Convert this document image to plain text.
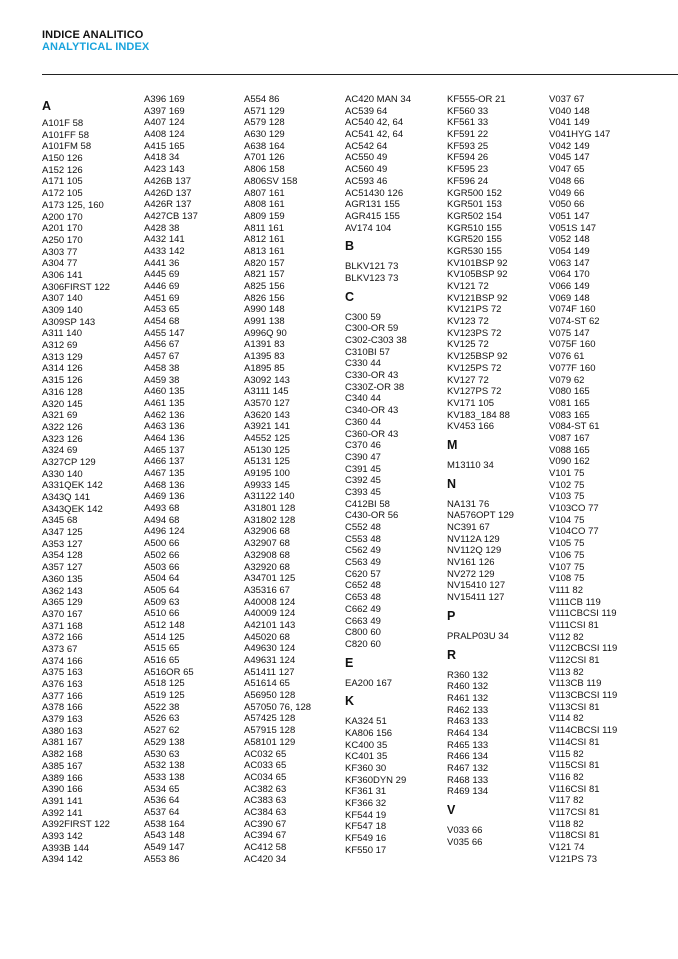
INDICE ANALITICO
ANALYTICAL INDEX
A
A101F 58
A101FF 58
A101FM 58
A150 126
A152 126
A171 105
A172 105
A173 125, 160
A200 170
A201 170
A250 170
A303 77
A304 77
A306 141
A306FIRST 122
A307 140
A309 140
A309SP 143
A311 140
A312 69
A313 129
A314 126
A315 126
A316 128
A320 145
A321 69
A322 126
A323 126
A324 69
A327CP 129
A330 140
A331QEK 142
A343Q 141
A343QEK 142
A345 68
A347 125
A353 127
A354 128
A357 127
A360 135
A362 143
A365 129
A370 167
A371 168
A372 166
A373 67
A374 166
A375 163
A376 163
A377 166
A378 166
A379 163
A380 163
A381 167
A382 168
A385 167
A389 166
A390 166
A391 141
A392 141
A392FIRST 122
A393 142
A393B 144
A394 142
A396 169
A397 169
A407 124
A408 124
A415 165
A418 34
A423 143
A426B 137
A426D 137
A426R 137
A427CB 137
A428 38
A432 141
A433 142
A441 36
A445 69
A446 69
A451 69
A453 65
A454 68
A455 147
A456 67
A457 67
A458 38
A459 38
A460 135
A461 135
A462 136
A463 136
A464 136
A465 137
A466 137
A467 135
A468 136
A469 136
A493 68
A494 68
A496 124
A500 66
A502 66
A503 66
A504 64
A505 64
A509 63
A510 66
A512 148
A514 125
A515 65
A516 65
A516OR 65
A518 125
A519 125
A522 38
A526 63
A527 62
A529 138
A530 63
A532 138
A533 138
A534 65
A536 64
A537 64
A538 164
A543 148
A549 147
A553 86
A554 86
A571 129
A579 128
A630 129
A638 164
A701 126
A806 158
A806SV 158
A807 161
A808 161
A809 159
A811 161
A812 161
A813 161
A820 157
A821 157
A825 156
A826 156
A990 148
A991 138
A996Q 90
A1391 83
A1395 83
A1895 85
A3092 143
A3111 145
A3570 127
A3620 143
A3921 141
A4552 125
A5130 125
A5131 125
A9195 100
A9933 145
A31122 140
A31801 128
A31802 128
A32906 68
A32907 68
A32908 68
A32920 68
A34701 125
A35316 67
A40008 124
A40009 124
A42101 143
A45020 68
A49630 124
A49631 124
A51411 127
A51614 65
A56950 128
A57050 76, 128
A57425 128
A57915 128
A58101 129
AC032 65
AC033 65
AC034 65
AC382 63
AC383 63
AC384 63
AC390 67
AC394 67
AC412 58
AC420 34
AC420 MAN 34
AC539 64
AC540 42, 64
AC541 42, 64
AC542 64
AC550 49
AC560 49
AC593 46
AC51430 126
AGR131 155
AGR415 155
AV174 104
B
BLKV121 73
BLKV123 73
C
C300 59
C300-OR 59
C302-C303 38
C310BI 57
C330 44
C330-OR 43
C330Z-OR 38
C340 44
C340-OR 43
C360 44
C360-OR 43
C370 46
C390 47
C391 45
C392 45
C393 45
C412BI 58
C430-OR 56
C552 48
C553 48
C562 49
C563 49
C620 57
C652 48
C653 48
C662 49
C663 49
C800 60
C820 60
E
EA200 167
K
KA324 51
KA806 156
KC400 35
KC401 35
KF360 30
KF360DYN 29
KF361 31
KF366 32
KF544 19
KF547 18
KF549 16
KF550 17
KF555-OR 21
KF560 33
KF561 33
KF591 22
KF593 25
KF594 26
KF595 23
KF596 24
KGR500 152
KGR501 153
KGR502 154
KGR510 155
KGR520 155
KGR530 155
KV101BSP 92
KV105BSP 92
KV121 72
KV121BSP 92
KV121PS 72
KV123 72
KV123PS 72
KV125 72
KV125BSP 92
KV125PS 72
KV127 72
KV127PS 72
KV171 105
KV183_184 88
KV453 166
M
M13110 34
N
NA131 76
NA576OPT 129
NC391 67
NV112A 129
NV112Q 129
NV161 126
NV272 129
NV15410 127
NV15411 127
P
PRALP03U 34
R
R360 132
R460 132
R461 132
R462 133
R463 133
R464 134
R465 133
R466 134
R467 132
R468 133
R469 134
V
V033 66
V035 66
V037 67
V040 148
V041 149
V041HYG 147
V042 149
V045 147
V047 65
V048 66
V049 66
V050 66
V051 147
V051S 147
V052 148
V054 149
V063 147
V064 170
V066 149
V069 148
V074F 160
V074-ST 62
V075 147
V075F 160
V076 61
V077F 160
V079 62
V080 165
V081 165
V083 165
V084-ST 61
V087 167
V088 165
V090 162
V101 75
V102 75
V103 75
V103CO 77
V104 75
V104CO 77
V105 75
V106 75
V107 75
V108 75
V111 82
V111CB 119
V111CBCSI 119
V111CSI 81
V112 82
V112CBCSI 119
V112CSI 81
V113 82
V113CB 119
V113CBCSI 119
V113CSI 81
V114 82
V114CBCSI 119
V114CSI 81
V115 82
V115CSI 81
V116 82
V116CSI 81
V117 82
V117CSI 81
V118 82
V118CSI 81
V121 74
V121PS 73
